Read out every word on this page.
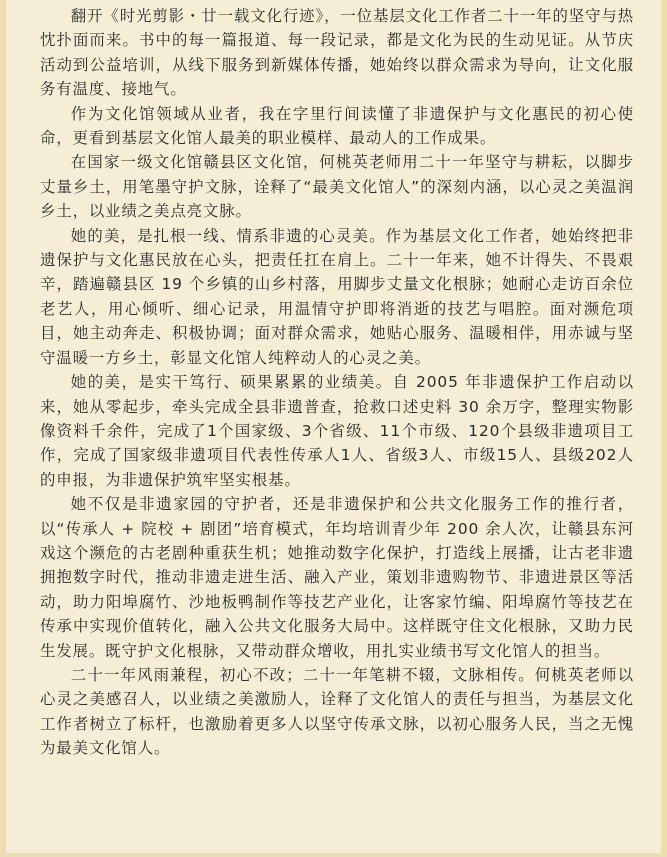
翻开《时光剪影・廿一载文化行迹》，一位基层文化工作者二十一年的坚守与热忱扑面而来。书中的每一篇报道、每一段记录，都是文化为民的生动见证。从节庆活动到公益培训，从线下服务到新媒体传播，她始终以群众需求为导向，让文化服务有温度、接地气。

作为文化馆领域从业者，我在字里行间读懂了非遗保护与文化惠民的初心使命，更看到基层文化馆人最美的职业模样、最动人的工作成果。

在国家一级文化馆赣县区文化馆，何桃英老师用二十一年坚守与耕耘，以脚步丈量乡土，用笔墨守护文脉，诠释了“最美文化馆人”的深刻内涵，以心灵之美温润乡土，以业绩之美点亮文脉。

她的美，是扎根一线、情系非遗的心灵美。作为基层文化工作者，她始终把非遗保护与文化惠民放在心头，把责任扛在肩上。二十一年来，她不计得失、不畏艰辛，踏遍赣县区 19 个乡镇的山乡村落，用脚步丈量文化根脉；她耐心走访百余位老艺人，用心倾听、细心记录，用温情守护即将消逝的技艺与唱腔。面对濒危项目，她主动奔走、积极协调；面对群众需求，她贴心服务、温暖相伴，用赤诚与坚守温暖一方乡土，彰显文化馆人纯粹动人的心灵之美。

她的美，是实干笃行、硕果累累的业绩美。自 2005 年非遗保护工作启动以来，她从零起步，牵头完成全县非遗普查，抢救口述史料 30 余万字，整理实物影像资料千余件，完成了1个国家级、3个省级、11个市级、120个县级非遗项目工作，完成了国家级非遗项目代表性传承人1人、省级3人、市级15人、县级202人的申报，为非遗保护筑牢坚实根基。

她不仅是非遗家园的守护者，还是非遗保护和公共文化服务工作的推行者，以“传承人 + 院校 + 剧团”培育模式，年均培训青少年 200 余人次，让赣县东河戏这个濒危的古老剧种重获生机；她推动数字化保护，打造线上展播，让古老非遗拥抱数字时代，推动非遗走进生活、融入产业，策划非遗购物节、非遗进景区等活动，助力阳埠腐竹、沙地板鸭制作等技艺产业化，让客家竹编、阳埠腐竹等技艺在传承中实现价值转化，融入公共文化服务大局中。这样既守住文化根脉，又助力民生发展。既守护文化根脉，又带动群众增收，用扎实业绩书写文化馆人的担当。

二十一年风雨兼程，初心不改；二十一年笔耕不辍，文脉相传。何桃英老师以心灵之美感召人，以业绩之美激励人，诠释了文化馆人的责任与担当，为基层文化工作者树立了标杆，也激励着更多人以坚守传承文脉，以初心服务人民，当之无愧为最美文化馆人。
